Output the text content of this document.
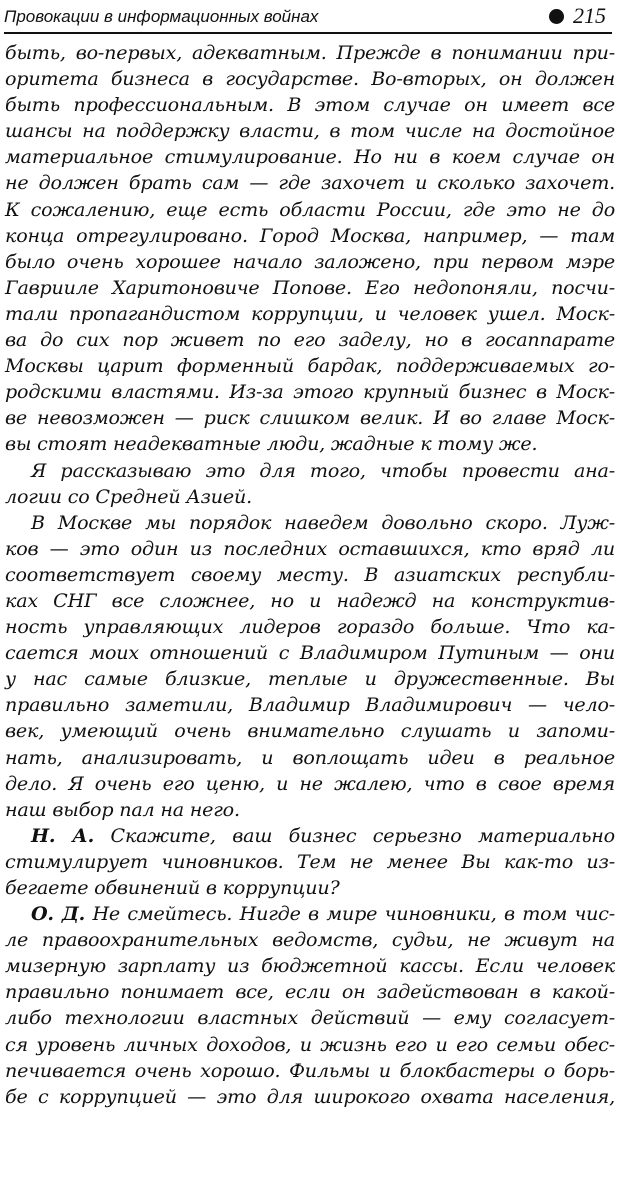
Провокации в информационных войнах	215
быть, во-первых, адекватным. Прежде в понимании при-
оритета бизнеса в государстве. Во-вторых, он должен
быть профессиональным. В этом случае он имеет все
шансы на поддержку власти, в том числе на достойное
материальное стимулирование. Но ни в коем случае он
не должен брать сам — где захочет и сколько захочет.
К сожалению, еще есть области России, где это не до
конца отрегулировано. Город Москва, например, — там
было очень хорошее начало заложено, при первом мэре
Гавриилe Харитоновиче Попове. Его недопоняли, посчи-
тали пропагандистом коррупции, и человек ушел. Моск-
ва до сих пор живет по его заделу, но в госаппарате
Москвы царит форменный бардак, поддерживаемых го-
родскими властями. Из-за этого крупный бизнес в Моск-
ве невозможен — риск слишком велик. И во главе Моск-
вы стоят неадекватные люди, жадные к тому же.
Я рассказываю это для того, чтобы провести ана-
логии со Средней Азией.
В Москве мы порядок наведем довольно скоро. Луж-
ков — это один из последних оставшихся, кто вряд ли
соответствует своему месту. В азиатских республи-
ках СНГ все сложнее, но и надежд на конструктив-
ность управляющих лидеров гораздо больше. Что ка-
сается моих отношений с Владимиром Путиным — они
у нас самые близкие, теплые и дружественные. Вы
правильно заметили, Владимир Владимирович — чело-
век, умеющий очень внимательно слушать и запоми-
нать, анализировать, и воплощать идеи в реальное
дело. Я очень его ценю, и не жалею, что в свое время
наш выбор пал на него.
Н. А. Скажите, ваш бизнес серьезно материально
стимулирует чиновников. Тем не менее Вы как-то из-
бегаете обвинений в коррупции?
О. Д. Не смейтесь. Нигде в мире чиновники, в том чис-
ле правоохранительных ведомств, судьи, не живут на
мизерную зарплату из бюджетной кассы. Если человек
правильно понимает все, если он задействован в какой-
либо технологии властных действий — ему согласует-
ся уровень личных доходов, и жизнь его и его семьи обес-
печивается очень хорошо. Фильмы и блокбастеры о борь-
бе с коррупцией — это для широкого охвата населения,
